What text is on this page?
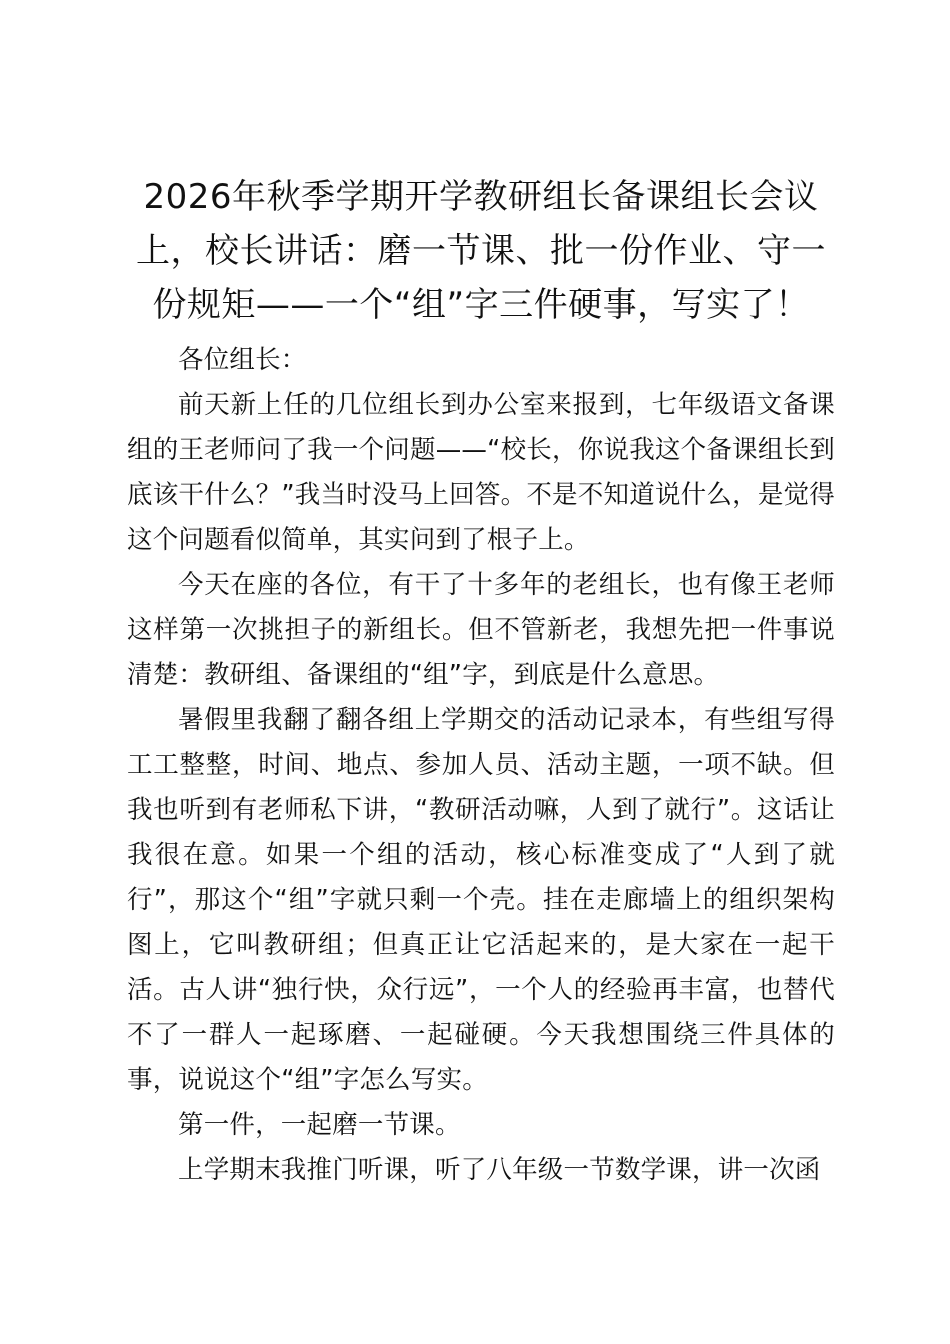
2026年秋季学期开学教研组长备课组长会议
上，校长讲话：磨一节课、批一份作业、守一
份规矩——一个“组”字三件硬事，写实了！

各位组长：

前天新上任的几位组长到办公室来报到，七年级语文备课组的王老师问了我一个问题——“校长，你说我这个备课组长到底该干什么？”我当时没马上回答。不是不知道说什么，是觉得这个问题看似简单，其实问到了根子上。

今天在座的各位，有干了十多年的老组长，也有像王老师这样第一次挑担子的新组长。但不管新老，我想先把一件事说清楚：教研组、备课组的“组”字，到底是什么意思。

暑假里我翻了翻各组上学期交的活动记录本，有些组写得工工整整，时间、地点、参加人员、活动主题，一项不缺。但我也听到有老师私下讲，“教研活动嘛，人到了就行”。这话让我很在意。如果一个组的活动，核心标准变成了“人到了就行”，那这个“组”字就只剩一个壳。挂在走廊墙上的组织架构图上，它叫教研组；但真正让它活起来的，是大家在一起干活。古人讲“独行快，众行远”，一个人的经验再丰富，也替代不了一群人一起琢磨、一起碰硬。今天我想围绕三件具体的事，说说这个“组”字怎么写实。

第一件，一起磨一节课。

上学期末我推门听课，听了八年级一节数学课，讲一次函
